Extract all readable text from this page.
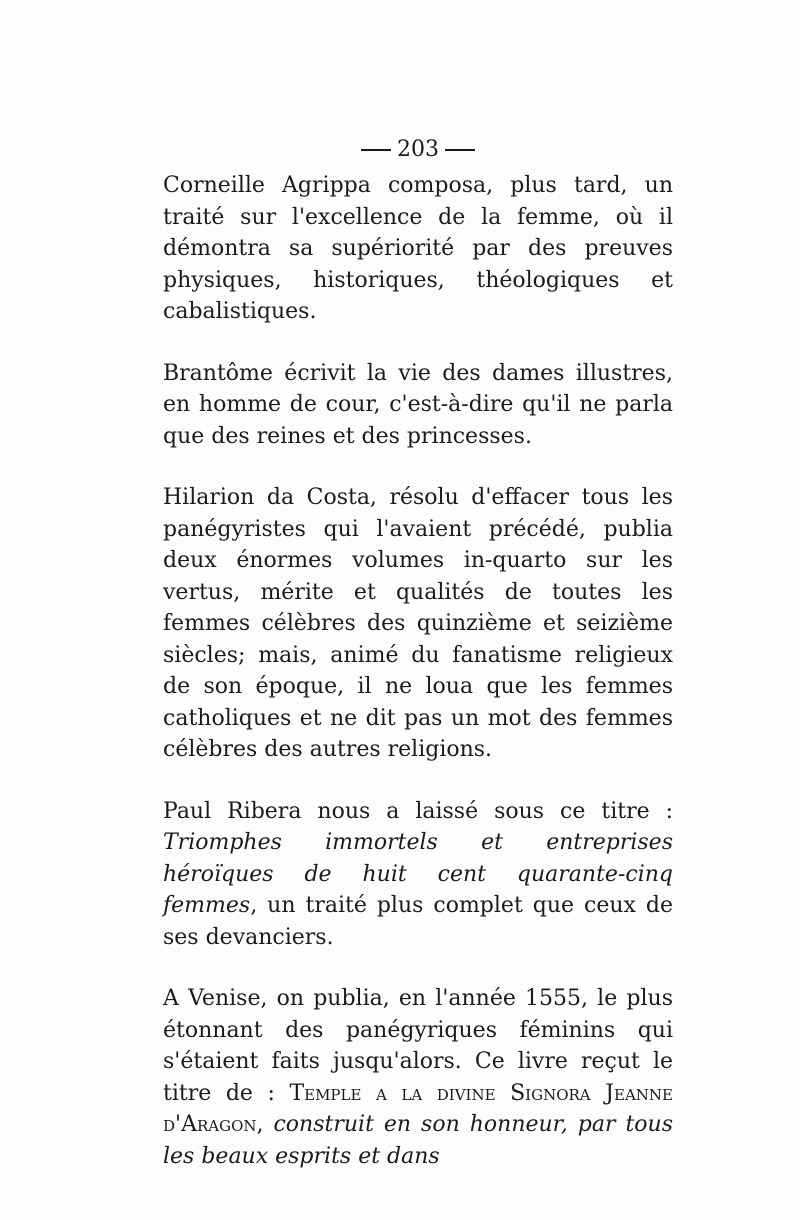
203

Corneille Agrippa composa, plus tard, un traité sur l'excellence de la femme, où il démontra sa supériorité par des preuves physiques, historiques, théologiques et cabalistiques.

Brantôme écrivit la vie des dames illustres, en homme de cour, c'est-à-dire qu'il ne parla que des reines et des princesses.

Hilarion da Costa, résolu d'effacer tous les panégyristes qui l'avaient précédé, publia deux énormes volumes in-quarto sur les vertus, mérite et qualités de toutes les femmes célèbres des quinzième et seizième siècles; mais, animé du fanatisme religieux de son époque, il ne loua que les femmes catholiques et ne dit pas un mot des femmes célèbres des autres religions.

Paul Ribera nous a laissé sous ce titre : Triomphes immortels et entreprises héroïques de huit cent quarante-cinq femmes, un traité plus complet que ceux de ses devanciers.

A Venise, on publia, en l'année 1555, le plus étonnant des panégyriques féminins qui s'étaient faits jusqu'alors. Ce livre reçut le titre de : Temple a la divine Signora Jeanne d'Aragon, construit en son honneur, par tous les beaux esprits et dans
